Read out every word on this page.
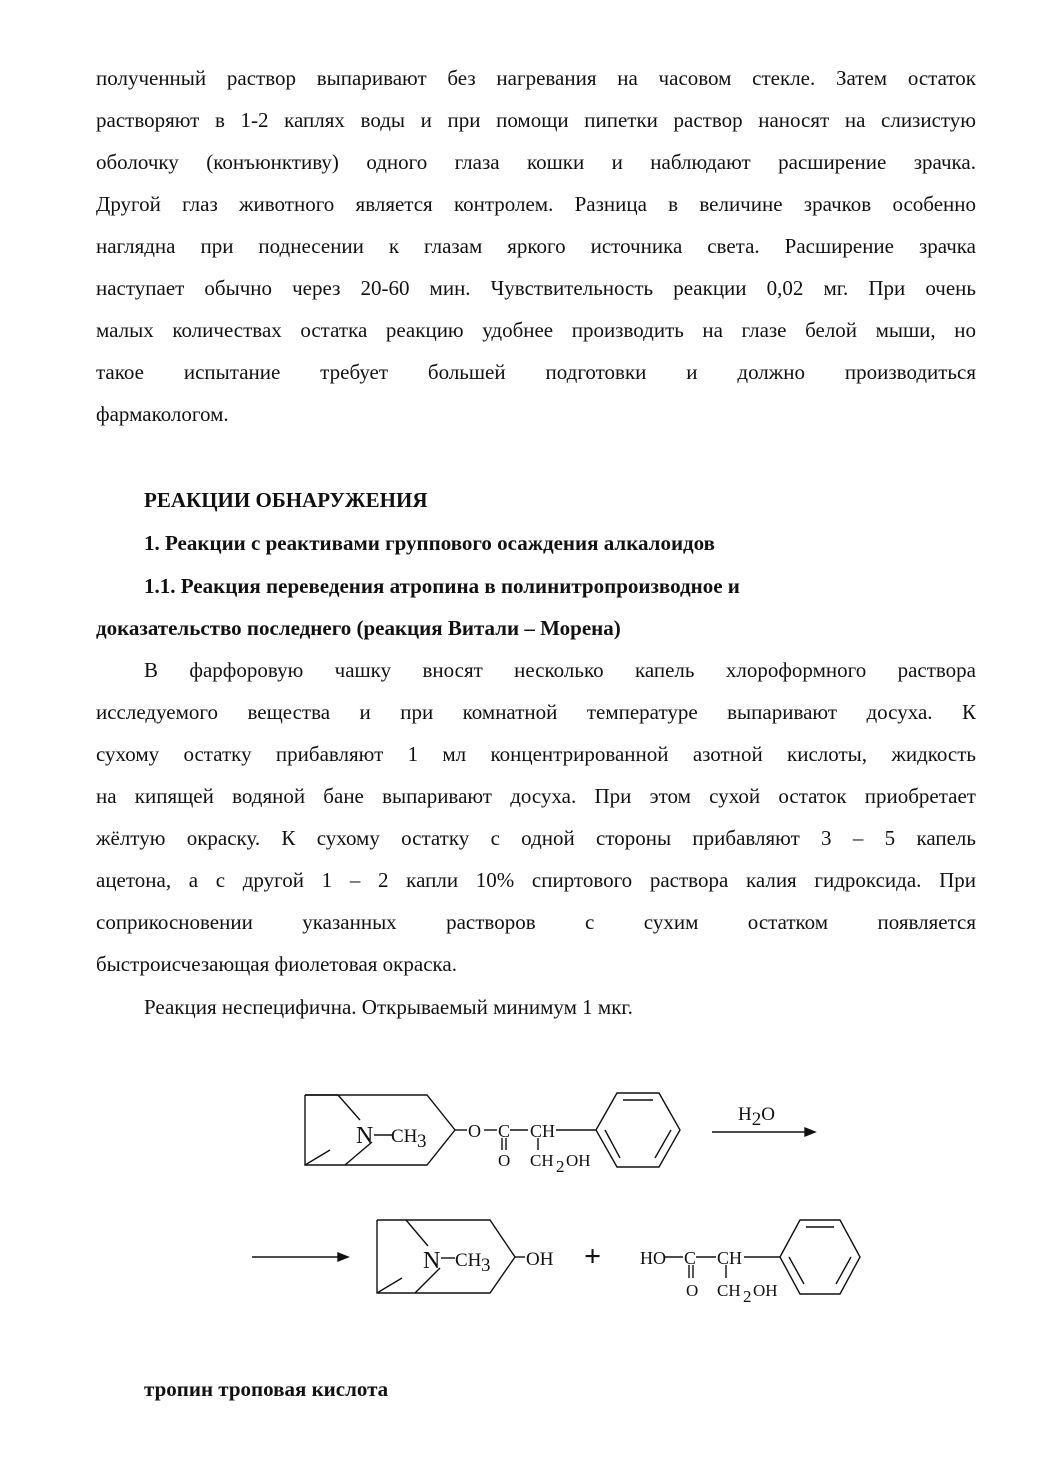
полученный раствор выпаривают без нагревания на часовом стекле. Затем остаток
растворяют в 1-2 каплях воды и при помощи пипетки раствор наносят на слизистую
оболочку (конъюнктиву) одного глаза кошки и наблюдают расширение зрачка.
Другой глаз животного является контролем. Разница в величине зрачков особенно
наглядна при поднесении к глазам яркого источника света. Расширение зрачка
наступает обычно через 20-60 мин. Чувствительность реакции 0,02 мг. При очень
малых количествах остатка реакцию удобнее производить на глазе белой мыши, но
такое испытание требует большей подготовки и должно производиться
фармакологом.
РЕАКЦИИ ОБНАРУЖЕНИЯ
1. Реакции с реактивами группового осаждения алкалоидов
1.1. Реакция переведения атропина в полинитропроизводное и
доказательство последнего (реакция Витали – Морена)
В фарфоровую чашку вносят несколько капель хлороформного раствора
исследуемого вещества и при комнатной температуре выпаривают досуха. К
сухому остатку прибавляют 1 мл концентрированной азотной кислоты, жидкость
на кипящей водяной бане выпаривают досуха. При этом сухой остаток приобретает
жёлтую окраску. К сухому остатку с одной стороны прибавляют 3 – 5 капель
ацетона, а с другой 1 – 2 капли 10% спиртового раствора калия гидроксида. При
соприкосновении указанных растворов с сухим остатком появляется
быстроисчезающая фиолетовая окраска.
Реакция неспецифична. Открываемый минимум 1 мкг.
N CH 3 O C CH
O CH 2 OH
H2O
N CH 3 OH + HO C CH
O CH 2 OH
тропин троповая кислота
